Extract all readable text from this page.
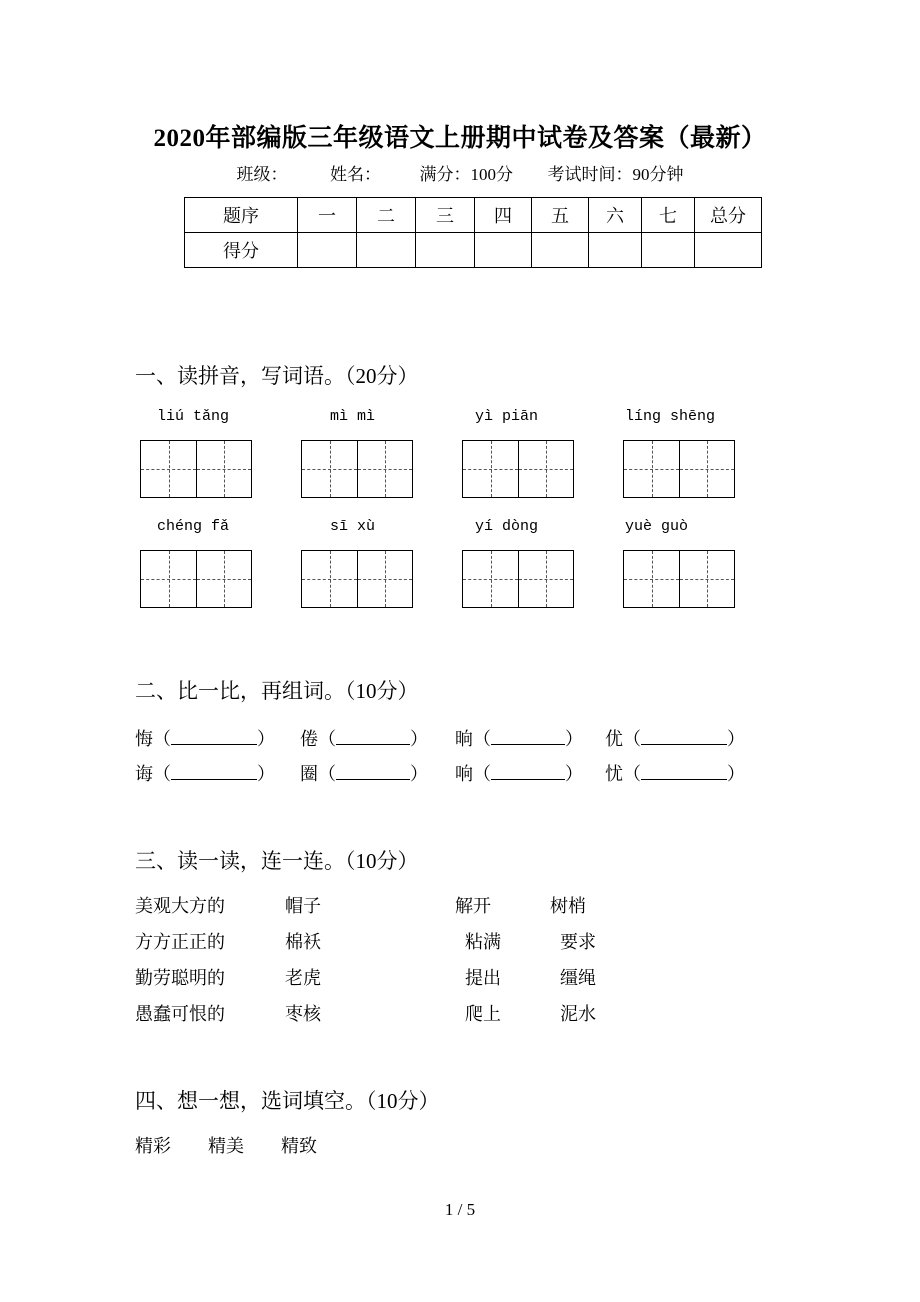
2020年部编版三年级语文上册期中试卷及答案（最新）
班级：	姓名： 满分：100分 考试时间：90分钟
题序	一	二	三	四	五	六	七	总分
得分								
一、读拼音，写词语。（20分）
liú tǎng	mì mì	yì piān	líng shēng
chéng fǎ	sī xù	yí dòng	yuè guò
二、比一比，再组词。（10分）
悔（	） 倦（	） 晌（	） 优（	）
诲（	） 圈（	） 响（	） 忧（	）
三、读一读，连一连。（10分）
美观大方的	帽子	解开	树梢
方方正正的	棉袄	粘满	要求
勤劳聪明的	老虎	提出	缰绳
愚蠢可恨的	枣核	爬上	泥水
四、想一想，选词填空。（10分）
精彩 精美 精致
1 / 5
